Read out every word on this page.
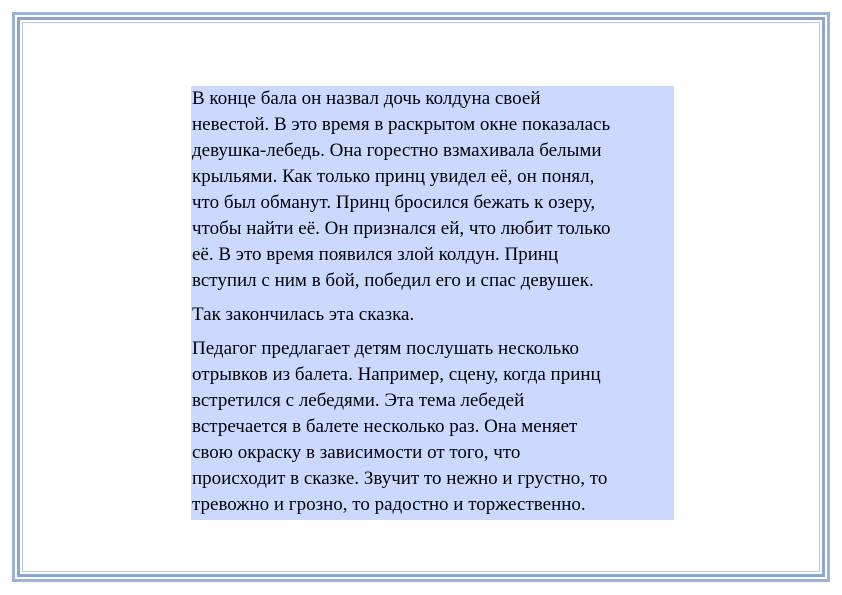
В конце бала он назвал дочь колдуна своей
невестой. В это время в раскрытом окне показалась
девушка-лебедь. Она горестно взмахивала белыми
крыльями. Как только принц увидел её, он понял,
что был обманут. Принц бросился бежать к озеру,
чтобы найти её. Он признался ей, что любит только
её. В это время появился злой колдун. Принц
вступил с ним в бой, победил его и спас девушек.
Так закончилась эта сказка.
Педагог предлагает детям послушать несколько
отрывков из балета. Например, сцену, когда принц
встретился с лебедями. Эта тема лебедей
встречается в балете несколько раз. Она меняет
свою окраску в зависимости от того, что
происходит в сказке. Звучит то нежно и грустно, то
тревожно и грозно, то радостно и торжественно.
